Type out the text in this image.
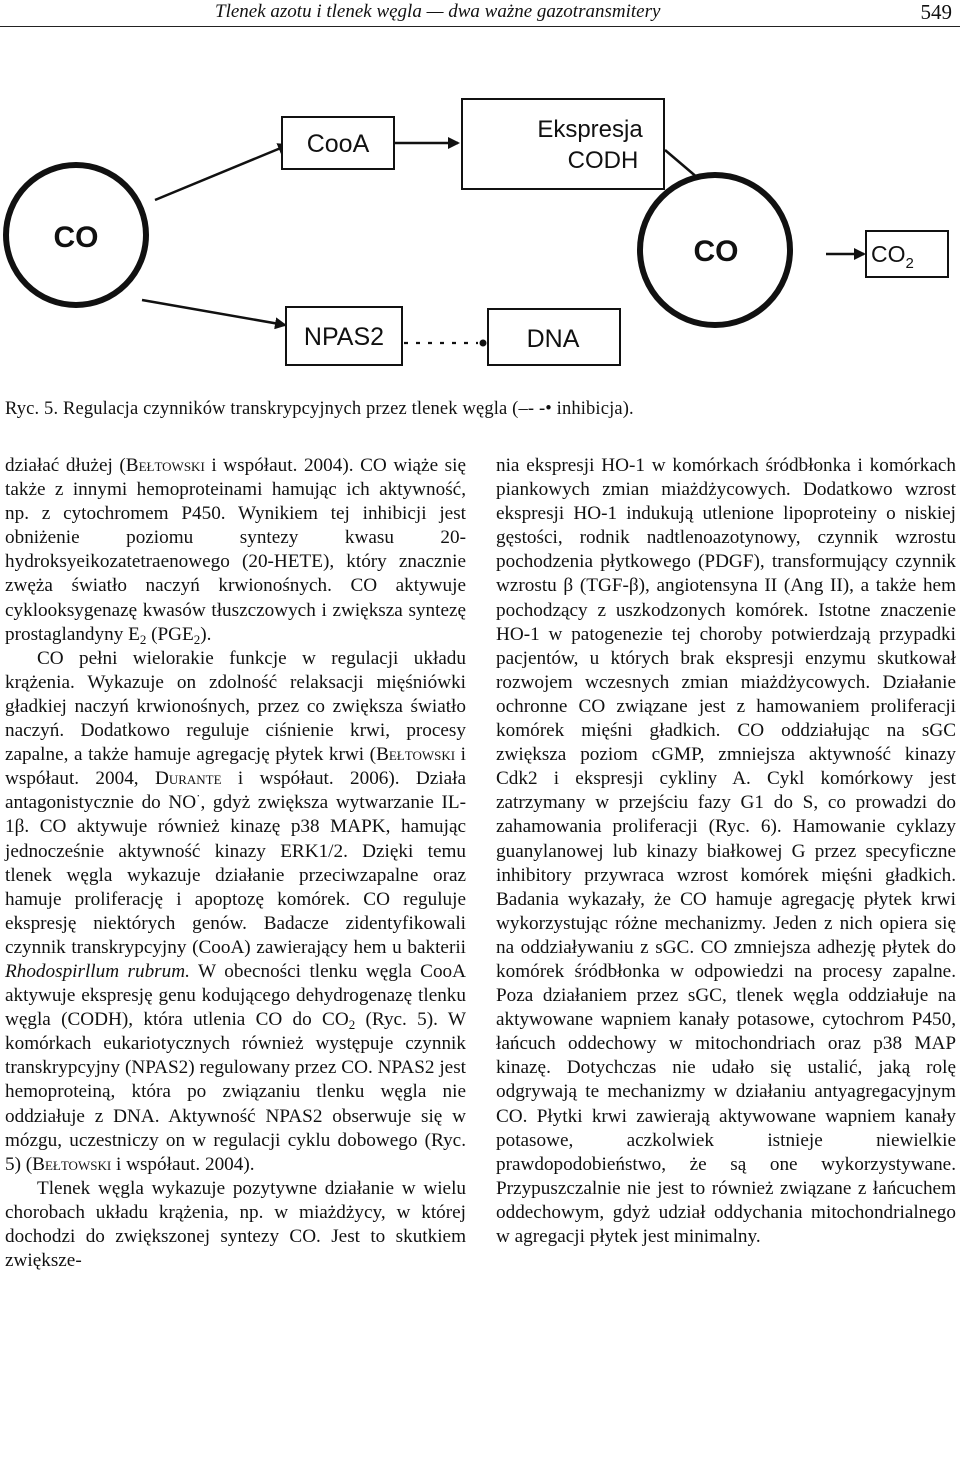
Tlenek azotu i tlenek węgla — dwa ważne gazotransmitery	549
CO
CooA
Ekspresja
CODH
CO	$CO_2$
NPAS2	DNA
Ryc. 5. Regulacja czynników transkrypcyjnych przez tlenek węgla (–- -• inhibicja).

działać dłużej (Bełtowski i współaut. 2004). CO wiąże się także z innymi hemoproteinami hamując ich aktywność, np. z cytochromem P450. Wynikiem tej inhibicji jest obniżenie poziomu syntezy kwasu 20-hydroksyeikozatetraenowego (20-HETE), który znacznie zwęża światło naczyń krwionośnych. CO aktywuje cyklooksygenazę kwasów tłuszczowych i zwiększa syntezę prostaglandyny $E_2$ $(PGE_2)$.

CO pełni wielorakie funkcje w regulacji układu krążenia. Wykazuje on zdolność relaksacji mięśniówki gładkiej naczyń krwionośnych, przez co zwiększa światło naczyń. Dodatkowo reguluje ciśnienie krwi, procesy zapalne, a także hamuje agregację płytek krwi (Bełtowski i współaut. 2004, Durante i współaut. 2006). Działa antagonistycznie do NO·, gdyż zwiększa wytwarzanie IL-1β. CO aktywuje również kinazę p38 MAPK, hamując jednocześnie aktywność kinazy ERK1/2. Dzięki temu tlenek węgla wykazuje działanie przeciwzapalne oraz hamuje proliferację i apoptozę komórek. CO reguluje ekspresję niektórych genów. Badacze zidentyfikowali czynnik transkrypcyjny (CooA) zawierający hem u bakterii Rhodospirllum rubrum. W obecności tlenku węgla CooA aktywuje ekspresję genu kodującego dehydrogenazę tlenku węgla (CODH), która utlenia CO do $CO_2$ (Ryc. 5). W komórkach eukariotycznych również występuje czynnik transkrypcyjny (NPAS2) regulowany przez CO. NPAS2 jest hemoproteiną, która po związaniu tlenku węgla nie oddziałuje z DNA. Aktywność NPAS2 obserwuje się w mózgu, uczestniczy on w regulacji cyklu dobowego (Ryc. 5) (Bełtowski i współaut. 2004).

Tlenek węgla wykazuje pozytywne działanie w wielu chorobach układu krążenia, np. w miażdżycy, w której dochodzi do zwiększonej syntezy CO. Jest to skutkiem zwiększe-

nia ekspresji HO-1 w komórkach śródbłonka i komórkach piankowych zmian miażdżycowych. Dodatkowo wzrost ekspresji HO-1 indukują utlenione lipoproteiny o niskiej gęstości, rodnik nadtlenoazotynowy, czynnik wzrostu pochodzenia płytkowego (PDGF), transformujący czynnik wzrostu β (TGF-β), angiotensyna II (Ang II), a także hem pochodzący z uszkodzonych komórek. Istotne znaczenie HO-1 w patogenezie tej choroby potwierdzają przypadki pacjentów, u których brak ekspresji enzymu skutkował rozwojem wczesnych zmian miażdżycowych. Działanie ochronne CO związane jest z hamowaniem proliferacji komórek mięśni gładkich. CO oddziałując na sGC zwiększa poziom cGMP, zmniejsza aktywność kinazy Cdk2 i ekspresji cykliny A. Cykl komórkowy jest zatrzymany w przejściu fazy G1 do S, co prowadzi do zahamowania proliferacji (Ryc. 6). Hamowanie cyklazy guanylanowej lub kinazy białkowej G przez specyficzne inhibitory przywraca wzrost komórek mięśni gładkich. Badania wykazały, że CO hamuje agregację płytek krwi wykorzystując różne mechanizmy. Jeden z nich opiera się na oddziaływaniu z sGC. CO zmniejsza adhezję płytek do komórek śródbłonka w odpowiedzi na procesy zapalne. Poza działaniem przez sGC, tlenek węgla oddziałuje na aktywowane wapniem kanały potasowe, cytochrom P450, łańcuch oddechowy w mitochondriach oraz p38 MAP kinazę. Dotychczas nie udało się ustalić, jaką rolę odgrywają te mechanizmy w działaniu antyagregacyjnym CO. Płytki krwi zawierają aktywowane wapniem kanały potasowe, aczkolwiek istnieje niewielkie prawdopodobieństwo, że są one wykorzystywane. Przypuszczalnie nie jest to również związane z łańcuchem oddechowym, gdyż udział oddychania mitochondrialnego w agregacji płytek jest minimalny.
